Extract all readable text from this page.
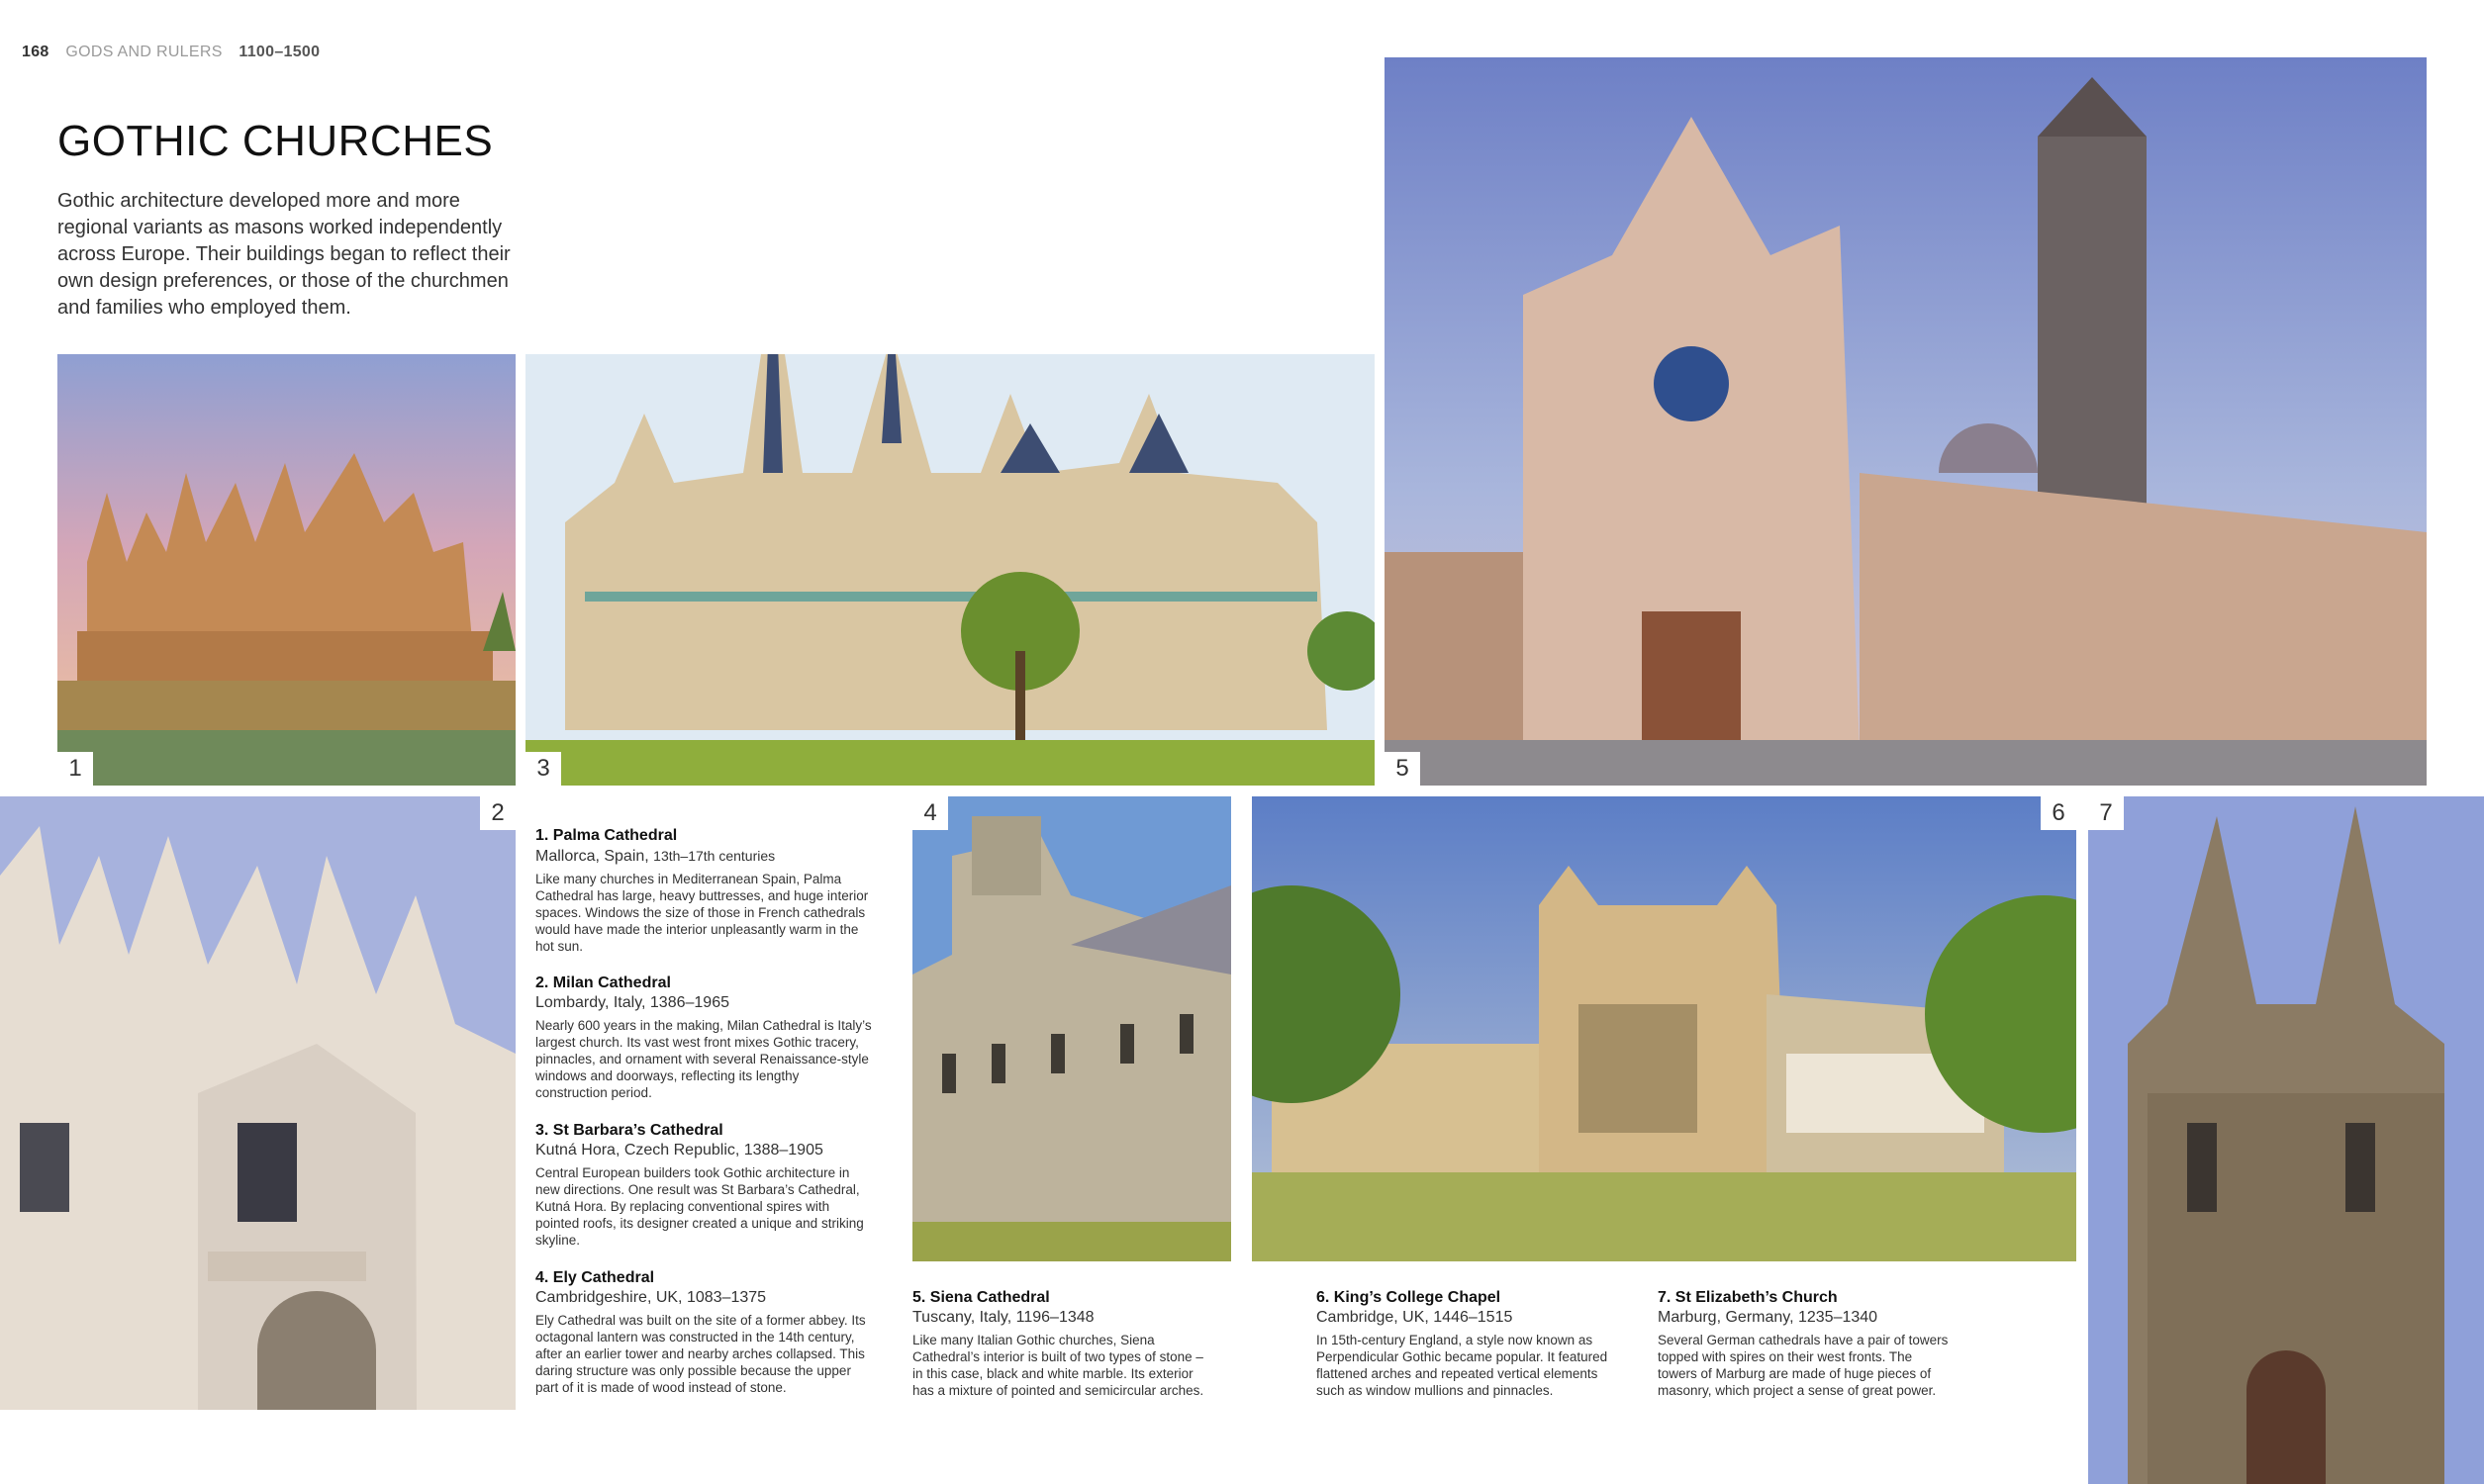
168 GODS AND RULERS 1100–1500
GOTHIC CHURCHES

Gothic architecture developed more and more regional variants as masons worked independently across Europe. Their buildings began to reflect their own design preferences, or those of the churchmen and families who employed them.

1	3	5
2	4	6	7
1. Palma Cathedral
Mallorca, Spain, 13th–17th centuries
Like many churches in Mediterranean Spain, Palma Cathedral has large, heavy buttresses, and huge interior spaces. Windows the size of those in French cathedrals would have made the interior unpleasantly warm in the hot sun.
2. Milan Cathedral
Lombardy, Italy, 1386–1965
Nearly 600 years in the making, Milan Cathedral is Italy’s largest church. Its vast west front mixes Gothic tracery, pinnacles, and ornament with several Renaissance-style windows and doorways, reflecting its lengthy construction period.
3. St Barbara’s Cathedral
Kutná Hora, Czech Republic, 1388–1905
Central European builders took Gothic architecture in new directions. One result was St Barbara’s Cathedral, Kutná Hora. By replacing conventional spires with pointed roofs, its designer created a unique and striking skyline.
4. Ely Cathedral
Cambridgeshire, UK, 1083–1375
Ely Cathedral was built on the site of a former abbey. Its octagonal lantern was constructed in the 14th century, after an earlier tower and nearby arches collapsed. This daring structure was only possible because the upper part of it is made of wood instead of stone.
5. Siena Cathedral
Tuscany, Italy, 1196–1348
Like many Italian Gothic churches, Siena Cathedral’s interior is built of two types of stone – in this case, black and white marble. Its exterior has a mixture of pointed and semicircular arches.
6. King’s College Chapel
Cambridge, UK, 1446–1515
In 15th-century England, a style now known as Perpendicular Gothic became popular. It featured flattened arches and repeated vertical elements such as window mullions and pinnacles.
7. St Elizabeth’s Church
Marburg, Germany, 1235–1340
Several German cathedrals have a pair of towers topped with spires on their west fronts. The towers of Marburg are made of huge pieces of masonry, which project a sense of great power.
